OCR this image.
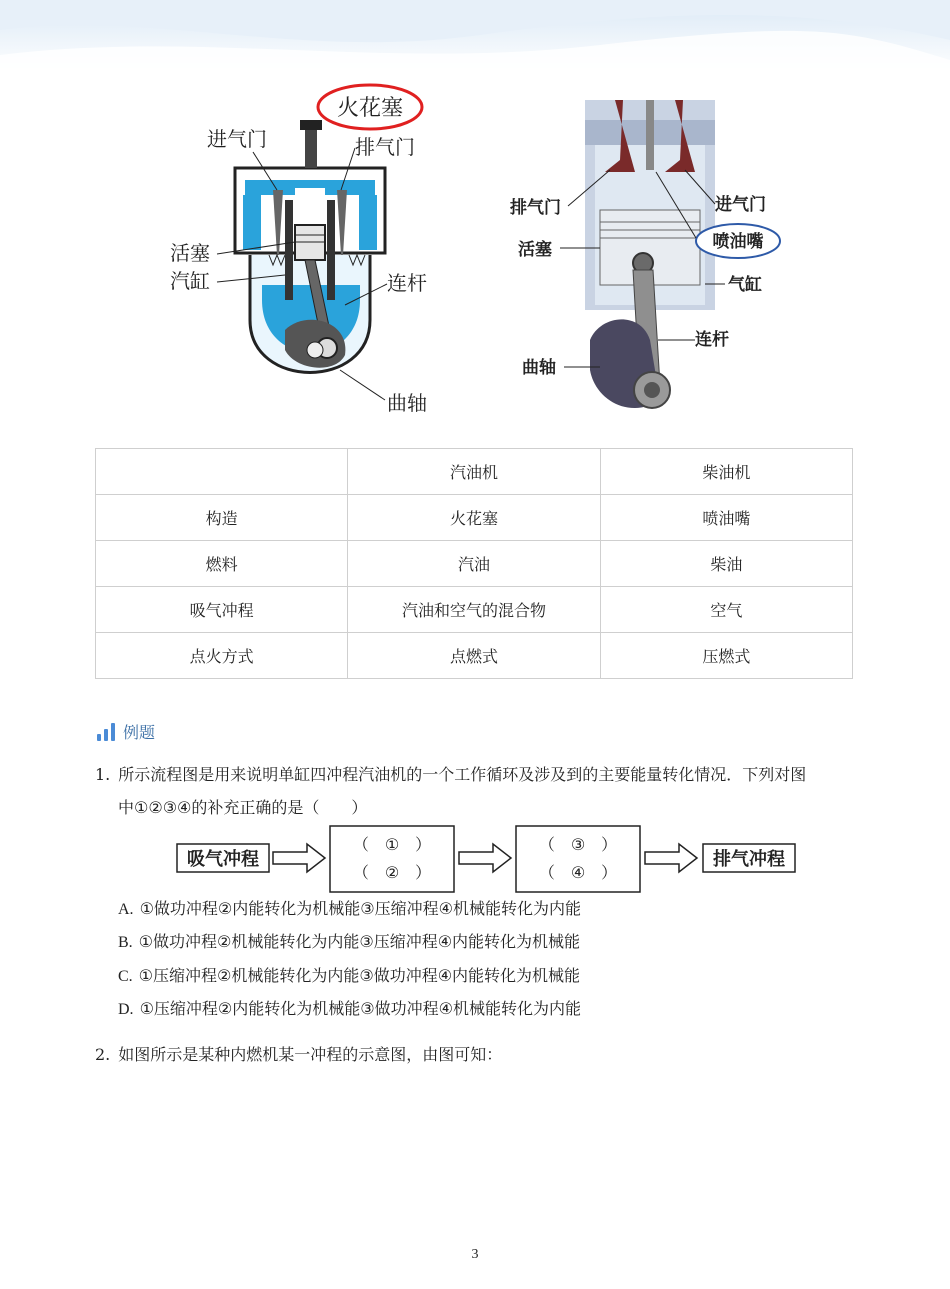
火花塞
进气门	排气门
活塞
汽缸	连杆
曲轴
排气门	进气门
活塞	喷油嘴
气缸
连杆
曲轴
	汽油机	柴油机
构造	火花塞	喷油嘴
燃料	汽油	柴油
吸气冲程	汽油和空气的混合物	空气
点火方式	点燃式	压燃式
例题
1. 所示流程图是用来说明单缸四冲程汽油机的一个工作循环及涉及到的主要能量转化情况．下列对图
中①②③④的补充正确的是（　　）
吸气冲程
（　①　）
（　②　）
（　③　）
（　④　）
排气冲程
A. ①做功冲程②内能转化为机械能③压缩冲程④机械能转化为内能
B. ①做功冲程②机械能转化为内能③压缩冲程④内能转化为机械能
C. ①压缩冲程②机械能转化为内能③做功冲程④内能转化为机械能
D. ①压缩冲程②内能转化为机械能③做功冲程④机械能转化为内能
2. 如图所示是某种内燃机某一冲程的示意图，由图可知：
3
